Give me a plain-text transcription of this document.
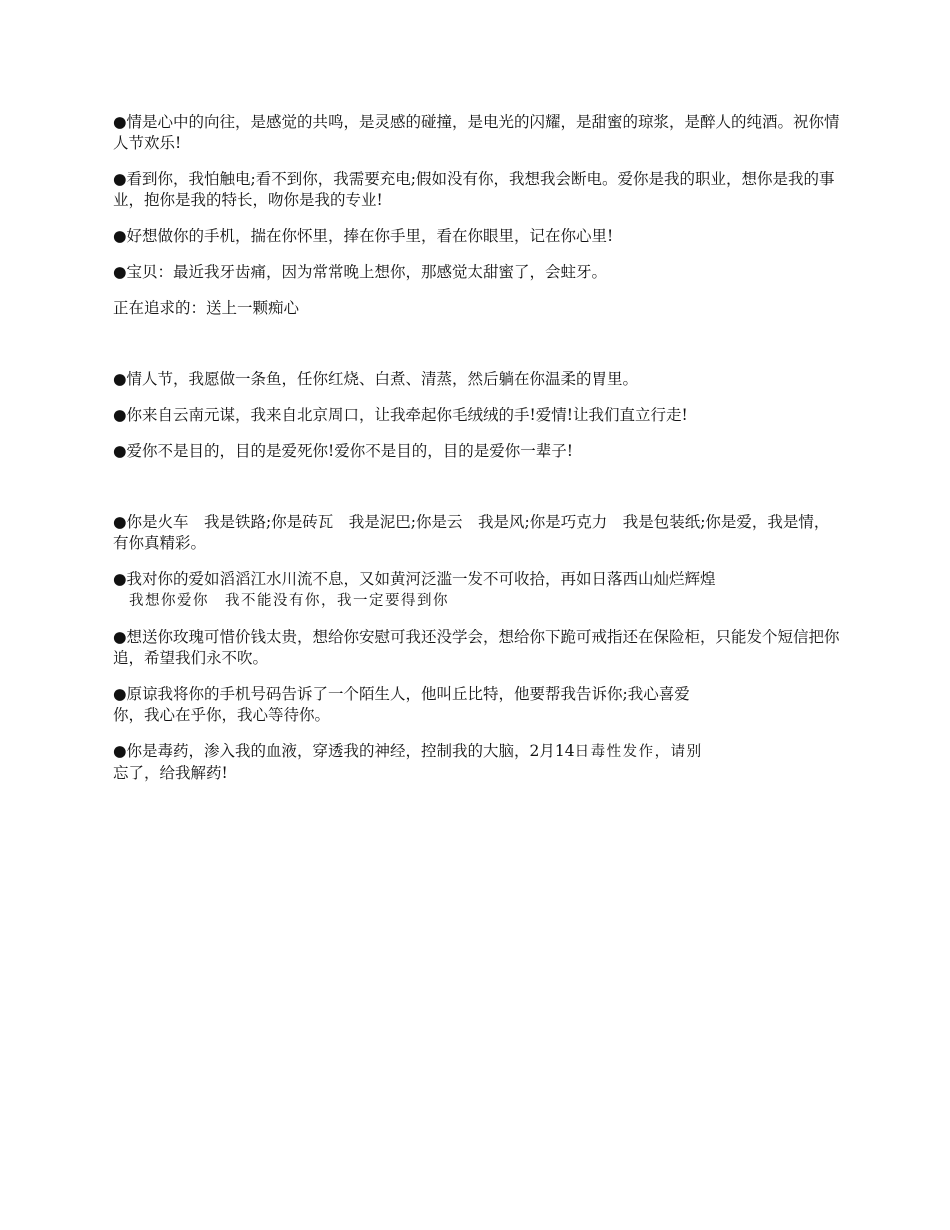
●情是心中的向往，是感觉的共鸣，是灵感的碰撞，是电光的闪耀，是甜蜜的琼浆，是醉人的纯酒。祝你情人节欢乐!

●看到你，我怕触电;看不到你，我需要充电;假如没有你，我想我会断电。爱你是我的职业，想你是我的事业，抱你是我的特长，吻你是我的专业!

●好想做你的手机，揣在你怀里，捧在你手里，看在你眼里，记在你心里!

●宝贝：最近我牙齿痛，因为常常晚上想你，那感觉太甜蜜了，会蛀牙。

正在追求的：送上一颗痴心

●情人节，我愿做一条鱼，任你红烧、白煮、清蒸，然后躺在你温柔的胃里。

●你来自云南元谋，我来自北京周口，让我牵起你毛绒绒的手!爱情!让我们直立行走!

●爱你不是目的，目的是爱死你!爱你不是目的，目的是爱你一辈子!

●你是火车　我是铁路;你是砖瓦　我是泥巴;你是云　我是风;你是巧克力　我是包装纸;你是爱，我是情，有你真精彩。

●我对你的爱如滔滔江水川流不息，又如黄河泛滥一发不可收拾，再如日落西山灿烂辉煌
　我想你爱你　我不能没有你，我一定要得到你

●想送你玫瑰可惜价钱太贵，想给你安慰可我还没学会，想给你下跪可戒指还在保险柜，只能发个短信把你追，希望我们永不吹。

●原谅我将你的手机号码告诉了一个陌生人，他叫丘比特，他要帮我告诉你;我心喜爱
你，我心在乎你，我心等待你。

●你是毒药，渗入我的血液，穿透我的神经，控制我的大脑，2月14日毒性发作，请别
忘了，给我解药!
